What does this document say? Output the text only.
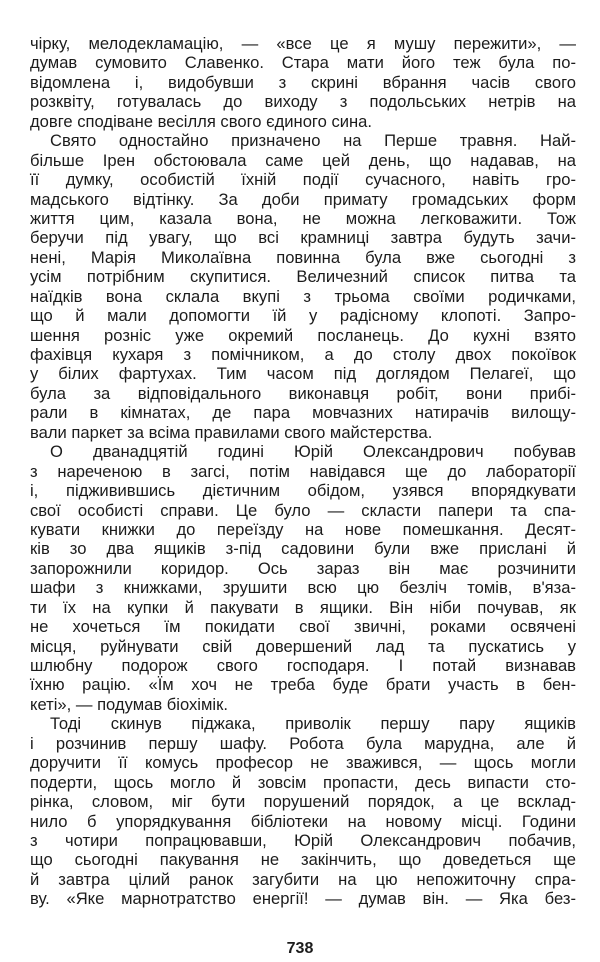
чірку, мелодекламацію, — «все це я мушу пережити», —
думав сумовито Славенко. Стара мати його теж була по-
відомлена і, видобувши з скрині вбрання часів свого
розквіту, готувалась до виходу з подольських нетрів на
довге сподіване весілля свого єдиного сина.
Свято одностайно призначено на Перше травня. Най-
більше Ірен обстоювала саме цей день, що надавав, на
її думку, особистій їхній події сучасного, навіть гро-
мадського відтінку. За доби примату громадських форм
життя цим, казала вона, не можна легковажити. Тож
беручи під увагу, що всі крамниці завтра будуть зачи-
нені, Марія Миколаївна повинна була вже сьогодні з
усім потрібним скупитися. Величезний список питва та
наїдків вона склала вкупі з трьома своїми родичками,
що й мали допомогти їй у радісному клопоті. Запро-
шення розніс уже окремий посланець. До кухні взято
фахівця кухаря з помічником, а до столу двох покоївок
у білих фартухах. Тим часом під доглядом Пелагеї, що
була за відповідального виконавця робіт, вони прибі-
рали в кімнатах, де пара мовчазних натирачів вилощу-
вали паркет за всіма правилами свого майстерства.
О дванадцятій годині Юрій Олександрович побував
з нареченою в загсі, потім навідався ще до лабораторії
і, підживившись дієтичним обідом, узявся впорядкувати
свої особисті справи. Це було — скласти папери та спа-
кувати книжки до переїзду на нове помешкання. Десят-
ків зо два ящиків з-під садовини були вже прислані й
запорожнили коридор. Ось зараз він має розчинити
шафи з книжками, зрушити всю цю безліч томів, в'яза-
ти їх на купки й пакувати в ящики. Він ніби почував, як
не хочеться їм покидати свої звичні, роками освячені
місця, руйнувати свій довершений лад та пускатись у
шлюбну подорож свого господаря. І потай визнавав
їхню рацію. «Їм хоч не треба буде брати участь в бен-
кеті», — подумав біохімік.
Тоді скинув піджака, приволік першу пару ящиків
і розчинив першу шафу. Робота була марудна, але й
доручити її комусь професор не зважився, — щось могли
подерти, щось могло й зовсім пропасти, десь випасти сто-
рінка, словом, міг бути порушений порядок, а це всклад-
нило б упорядкування бібліотеки на новому місці. Години
з чотири попрацювавши, Юрій Олександрович побачив,
що сьогодні пакування не закінчить, що доведеться ще
й завтра цілий ранок загубити на цю непожиточну спра-
ву. «Яке марнотратство енергії! — думав він. — Яка без-
738
